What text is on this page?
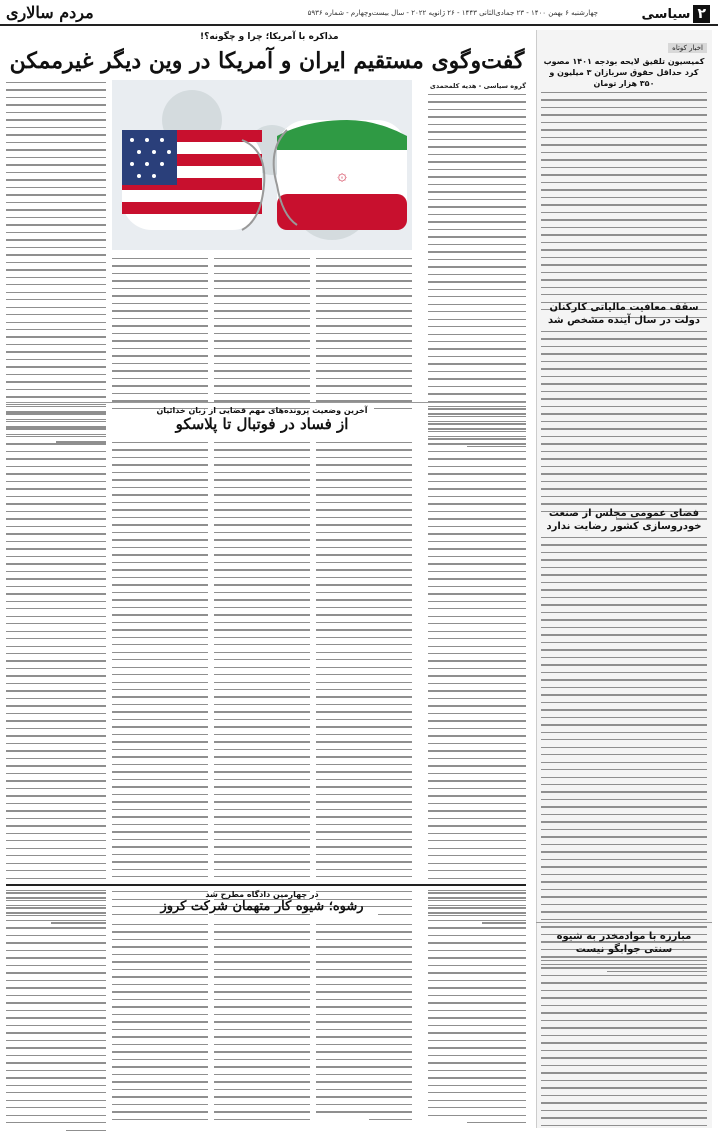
۲
سیاسی
چهارشنبه ۶ بهمن ۱۴۰۰ - ۲۳ جمادی‌الثانی ۱۴۴۳ - ۲۶ ژانویه ۲۰۲۲ - سال بیست‌وچهارم - شماره ۵۹۳۶
مردم سالاری
اخبار کوتاه
کمیسیون تلفیق لایحه بودجه ۱۴۰۱ مصوب کرد حداقل حقوق سربازان ۳ میلیون و ۳۵۰ هزار تومان
سقف معافیت مالیاتی کارکنان دولت در سال آینده مشخص شد
فضای عمومی مجلس از صنعت خودروسازی کشور رضایت ندارد
مبارزه با موادمخدر به شیوه سنتی جوابگو نیست
مذاکره با آمریکا؛ چرا و چگونه؟!
گفت‌وگوی مستقیم ایران و آمریکا در وین دیگر غیرممکن
۞
گروه سیاسی - هدیه کلمحمدی
آخرین وضعیت پرونده‌های مهم قضایی از زبان خدائیان
از فساد در فوتبال تا پلاسکو
در چهارمین دادگاه مطرح شد
رشوه؛ شیوه کار متهمان شرکت کروز
